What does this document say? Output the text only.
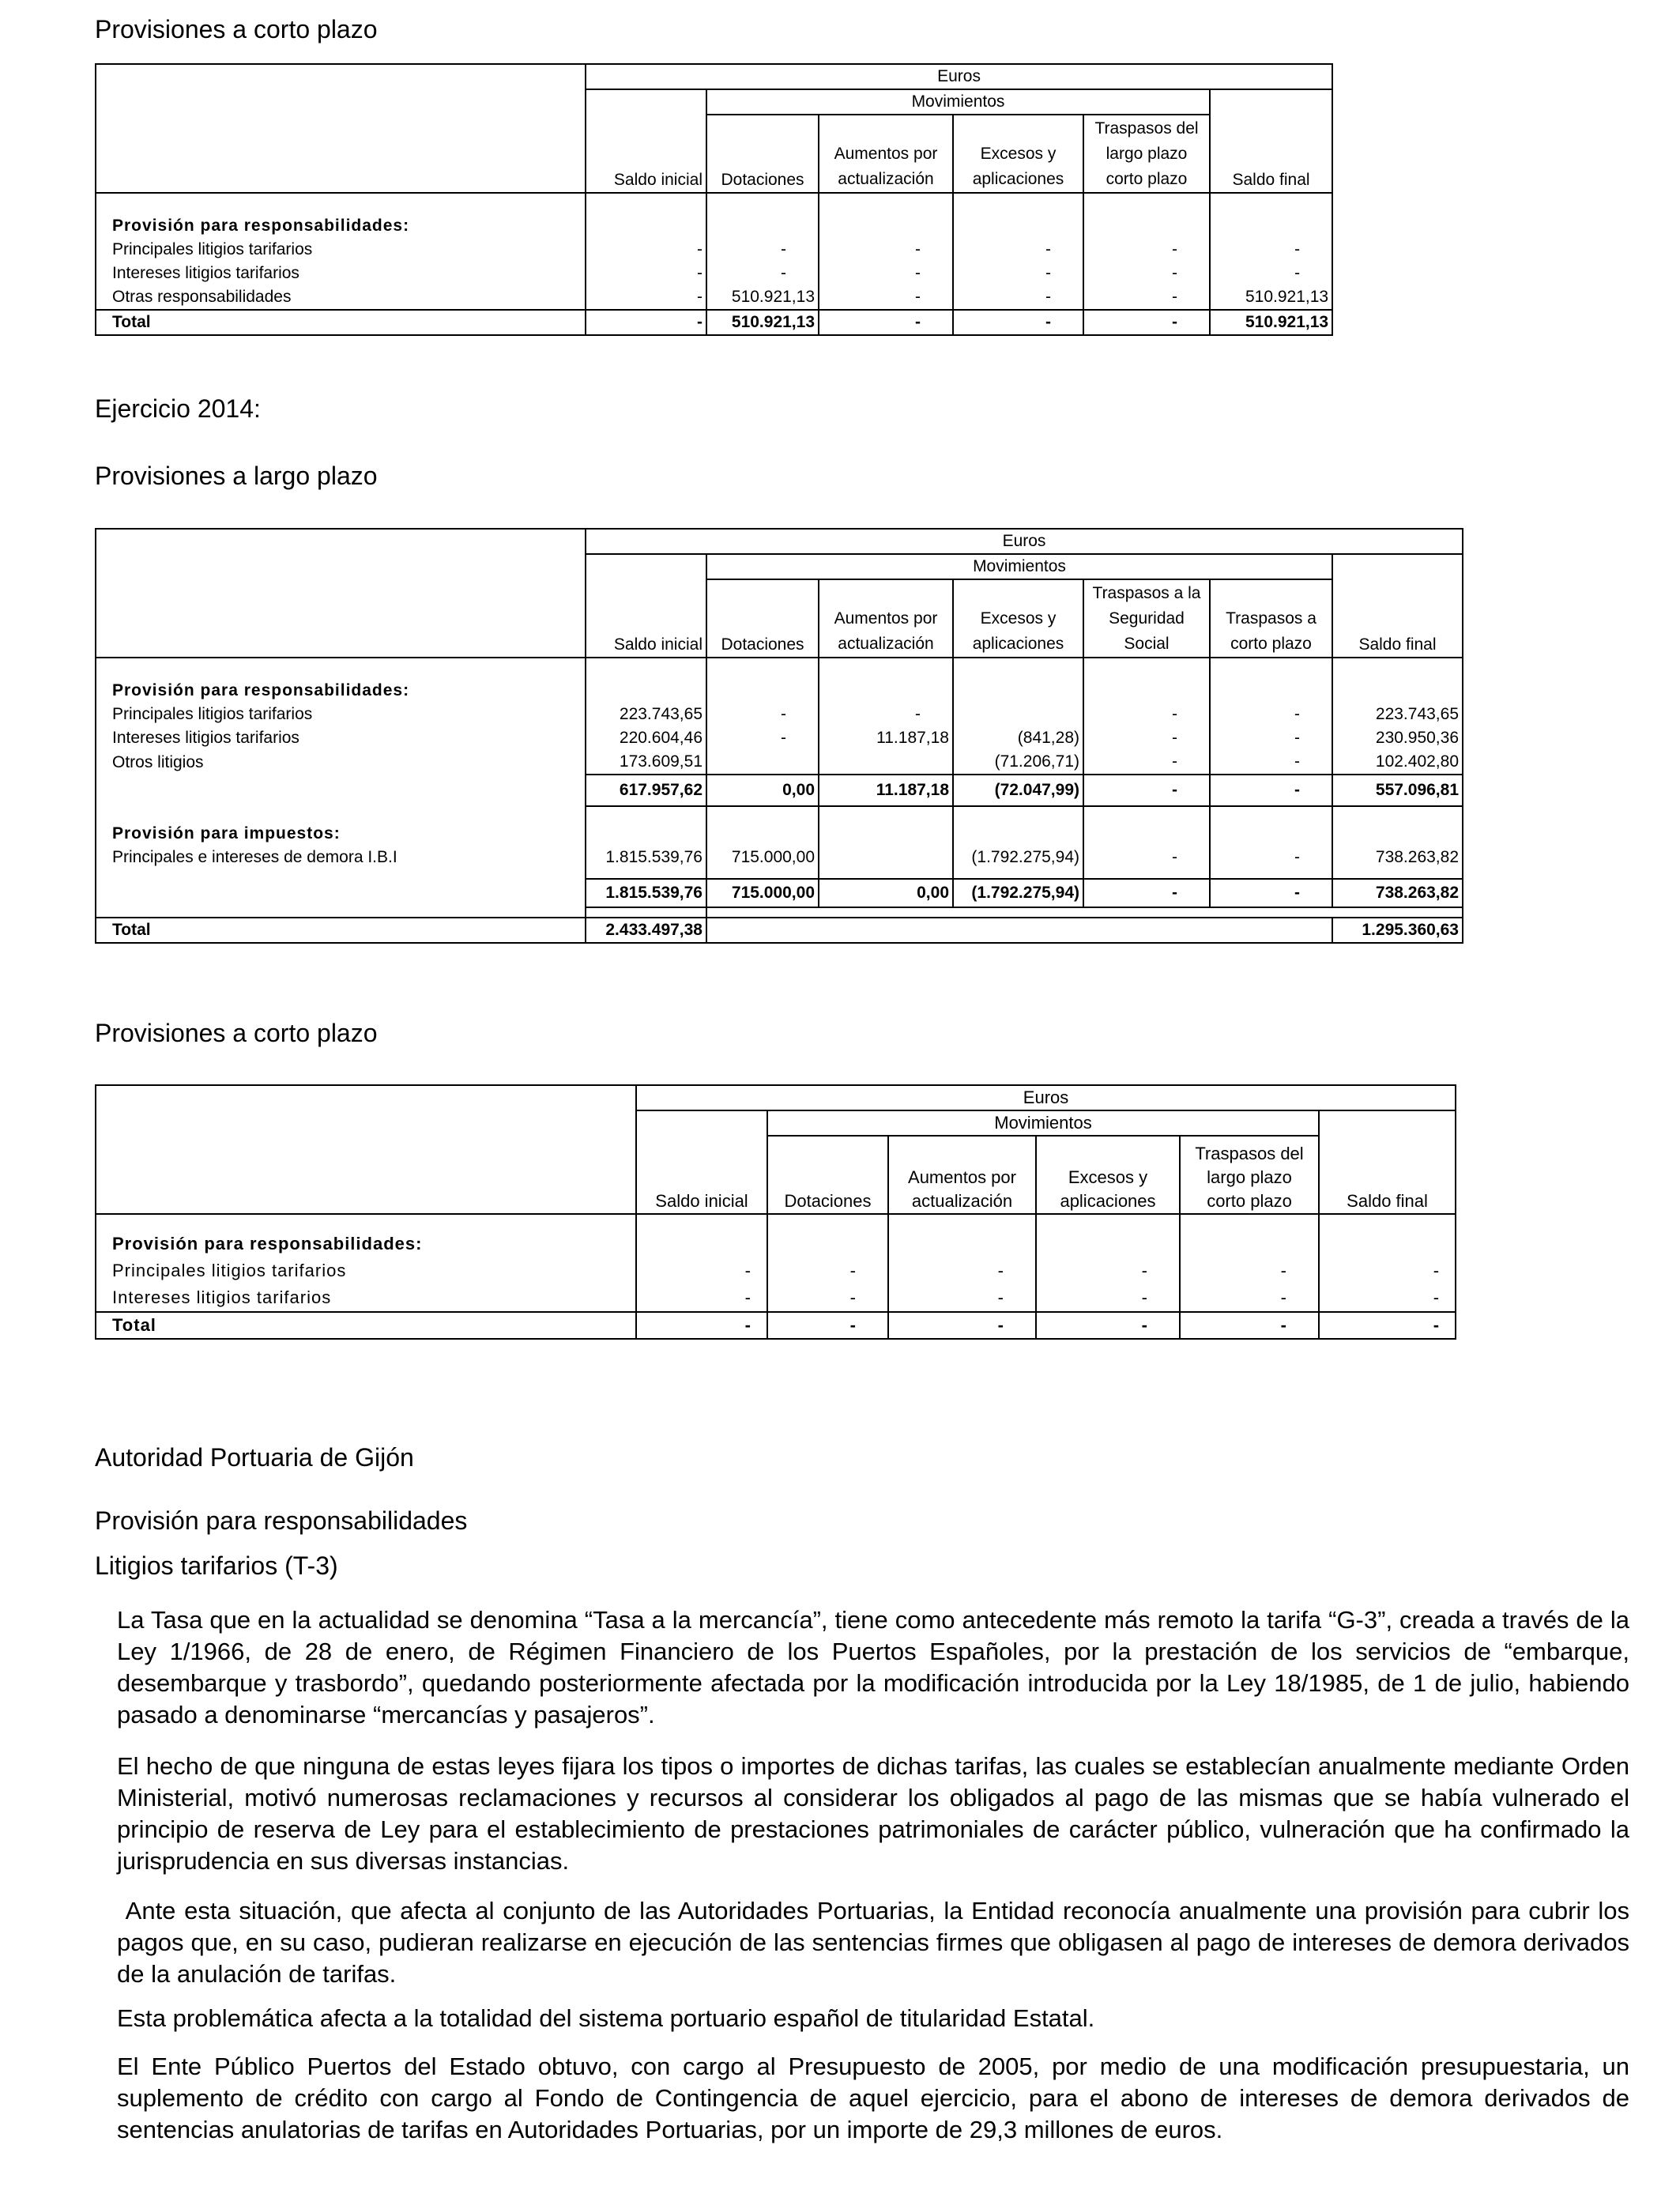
Provisiones a corto plazo
	Euros					
		Movimientos				
	Saldo inicial	Dotaciones	Aumentos por actualización	Excesos y aplicaciones	Traspasos del largo plazo corto plazo	Saldo final

Provisión para responsabilidades:						
Principales litigios tarifarios	-	-	-	-	-	-
Intereses litigios tarifarios	-	-	-	-	-	-
Otras responsabilidades	-	510.921,13	-	-	-	510.921,13
Total	-	510.921,13	-	-	-	510.921,13
Ejercicio 2014:
Provisiones a largo plazo
	Euros						
		Movimientos					
	Saldo inicial	Dotaciones	Aumentos por actualización	Excesos y aplicaciones	Traspasos a la Seguridad Social	Traspasos a corto plazo	Saldo final

Provisión para responsabilidades:							
Principales litigios tarifarios	223.743,65	-	-		-	-	223.743,65
Intereses litigios tarifarios	220.604,46	-	11.187,18	(841,28)	-	-	230.950,36
Otros litigios	173.609,51			(71.206,71)	-	-	102.402,80
	617.957,62	0,00	11.187,18	(72.047,99)	-	-	557.096,81

Provisión para impuestos:							
Principales e intereses de demora I.B.I	1.815.539,76	715.000,00		(1.792.275,94)	-	-	738.263,82

	1.815.539,76	715.000,00	0,00	(1.792.275,94)	-	-	738.263,82

Total	2.433.497,38						1.295.360,63
Provisiones a corto plazo
	Euros					
		Movimientos				
	Saldo inicial	Dotaciones	Aumentos por actualización	Excesos y aplicaciones	Traspasos del largo plazo corto plazo	Saldo final

Provisión para responsabilidades:						
Principales litigios tarifarios	-	-	-	-	-	-
Intereses litigios tarifarios	-	-	-	-	-	-
Total	-	-	-	-	-	-
Autoridad Portuaria de Gijón
Provisión para responsabilidades
Litigios tarifarios (T-3)
La Tasa que en la actualidad se denomina “Tasa a la mercancía”, tiene como antecedente más remoto la tarifa “G-3”, creada a través de la Ley 1/1966, de 28 de enero, de Régimen Financiero de los Puertos Españoles, por la prestación de los servicios de “embarque, desembarque y trasbordo”, quedando posteriormente afectada por la modificación introducida por la Ley 18/1985, de 1 de julio, habiendo pasado a denominarse “mercancías y pasajeros”.
El hecho de que ninguna de estas leyes fijara los tipos o importes de dichas tarifas, las cuales se establecían anualmente mediante Orden Ministerial, motivó numerosas reclamaciones y recursos al considerar los obligados al pago de las mismas que se había vulnerado el principio de reserva de Ley para el establecimiento de prestaciones patrimoniales de carácter público, vulneración que ha confirmado la jurisprudencia en sus diversas instancias.
Ante esta situación, que afecta al conjunto de las Autoridades Portuarias, la Entidad reconocía anualmente una provisión para cubrir los pagos que, en su caso, pudieran realizarse en ejecución de las sentencias firmes que obligasen al pago de intereses de demora derivados de la anulación de tarifas.
Esta problemática afecta a la totalidad del sistema portuario español de titularidad Estatal.
El Ente Público Puertos del Estado obtuvo, con cargo al Presupuesto de 2005, por medio de una modificación presupuestaria, un suplemento de crédito con cargo al Fondo de Contingencia de aquel ejercicio, para el abono de intereses de demora derivados de sentencias anulatorias de tarifas en Autoridades Portuarias, por un importe de 29,3 millones de euros.
